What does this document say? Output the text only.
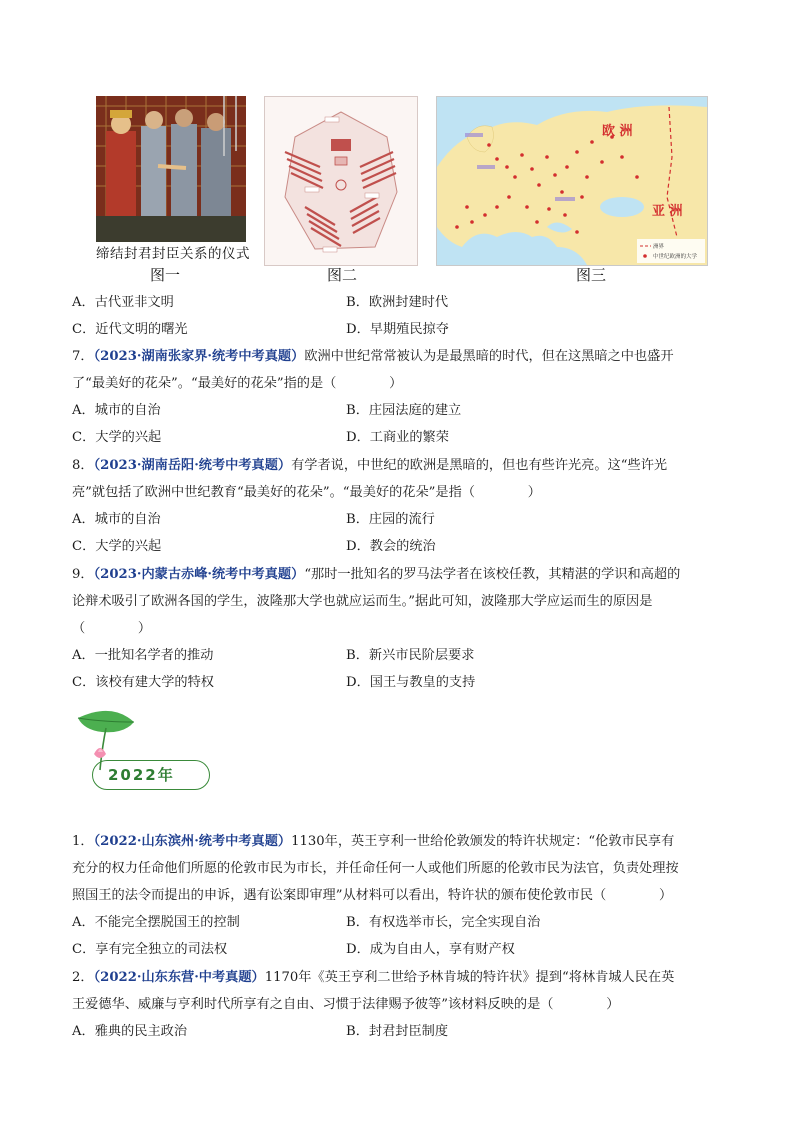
缔结封君封臣关系的仪式
欧 洲
亚 洲
洲界
中世纪欧洲的大学
图一	图二	图三
A．古代亚非文明	B．欧洲封建时代
C．近代文明的曙光	D．早期殖民掠夺
7．（2023·湖南张家界·统考中考真题）欧洲中世纪常常被认为是最黑暗的时代，但在这黑暗之中也盛开
了“最美好的花朵”。“最美好的花朵”指的是（　　　　）
A．城市的自治	B．庄园法庭的建立
C．大学的兴起	D．工商业的繁荣
8．（2023·湖南岳阳·统考中考真题）有学者说，中世纪的欧洲是黑暗的，但也有些许光亮。这“些许光
亮”就包括了欧洲中世纪教育“最美好的花朵”。“最美好的花朵”是指（　　　　）
A．城市的自治	B．庄园的流行
C．大学的兴起	D．教会的统治
9．（2023·内蒙古赤峰·统考中考真题）“那时一批知名的罗马法学者在该校任教，其精湛的学识和高超的
论辩术吸引了欧洲各国的学生，波隆那大学也就应运而生。”据此可知，波隆那大学应运而生的原因是
（　　　　）
A．一批知名学者的推动	B．新兴市民阶层要求
C．该校有建大学的特权	D．国王与教皇的支持
2022年
1．（2022·山东滨州·统考中考真题）1130年，英王亨利一世给伦敦颁发的特许状规定：“伦敦市民享有
充分的权力任命他们所愿的伦敦市民为市长，并任命任何一人或他们所愿的伦敦市民为法官，负责处理按
照国王的法令而提出的申诉，遇有讼案即审理”从材料可以看出，特许状的颁布使伦敦市民（　　　　）
A．不能完全摆脱国王的控制	B．有权选举市长，完全实现自治
C．享有完全独立的司法权	D．成为自由人，享有财产权
2．（2022·山东东营·中考真题）1170年《英王亨利二世给予林肯城的特许状》提到“将林肯城人民在英
王爱德华、威廉与亨利时代所享有之自由、习惯于法律赐予彼等”该材料反映的是（　　　　）
A．雅典的民主政治	B．封君封臣制度
